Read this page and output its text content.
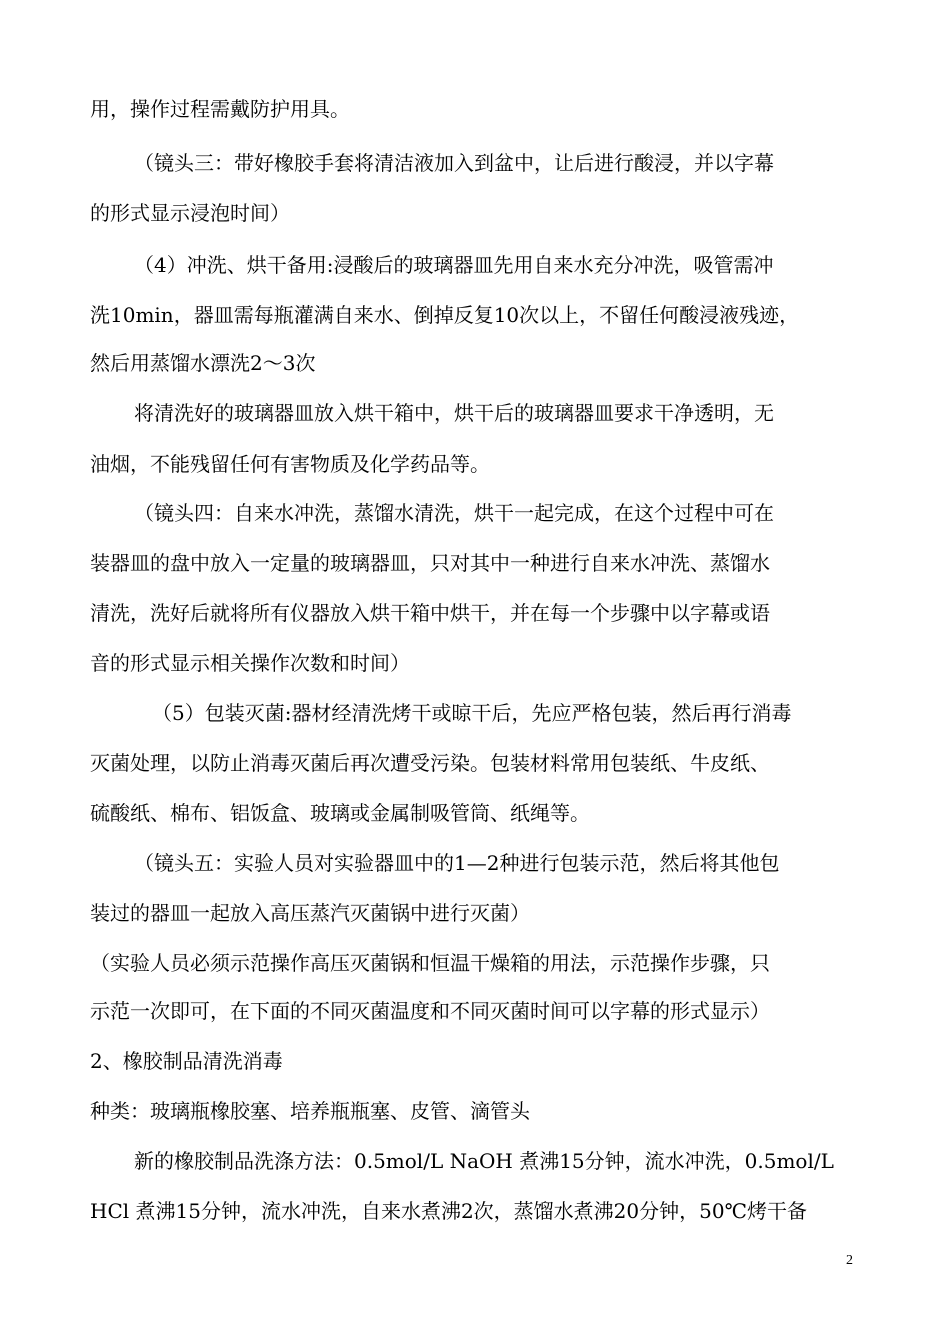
用，操作过程需戴防护用具。
（镜头三：带好橡胶手套将清洁液加入到盆中，让后进行酸浸，并以字幕
的形式显示浸泡时间）
（4）冲洗、烘干备用:浸酸后的玻璃器皿先用自来水充分冲洗，吸管需冲
洗10min，器皿需每瓶灌满自来水、倒掉反复10次以上，不留任何酸浸液残迹，
然后用蒸馏水漂洗2～3次
将清洗好的玻璃器皿放入烘干箱中，烘干后的玻璃器皿要求干净透明，无
油烟，不能残留任何有害物质及化学药品等。
（镜头四：自来水冲洗，蒸馏水清洗，烘干一起完成，在这个过程中可在
装器皿的盘中放入一定量的玻璃器皿，只对其中一种进行自来水冲洗、蒸馏水
清洗，洗好后就将所有仪器放入烘干箱中烘干，并在每一个步骤中以字幕或语
音的形式显示相关操作次数和时间）
（5）包装灭菌:器材经清洗烤干或晾干后，先应严格包装，然后再行消毒
灭菌处理，以防止消毒灭菌后再次遭受污染。包装材料常用包装纸、牛皮纸、
硫酸纸、棉布、铝饭盒、玻璃或金属制吸管筒、纸绳等。
（镜头五：实验人员对实验器皿中的1—2种进行包装示范，然后将其他包
装过的器皿一起放入高压蒸汽灭菌锅中进行灭菌）
（实验人员必须示范操作高压灭菌锅和恒温干燥箱的用法，示范操作步骤，只
示范一次即可，在下面的不同灭菌温度和不同灭菌时间可以字幕的形式显示）
2、橡胶制品清洗消毒
种类：玻璃瓶橡胶塞、培养瓶瓶塞、皮管、滴管头
新的橡胶制品洗涤方法：0.5mol/L NaOH 煮沸15分钟，流水冲洗，0.5mol/L
HCl 煮沸15分钟，流水冲洗，自来水煮沸2次，蒸馏水煮沸20分钟，50℃烤干备
2
